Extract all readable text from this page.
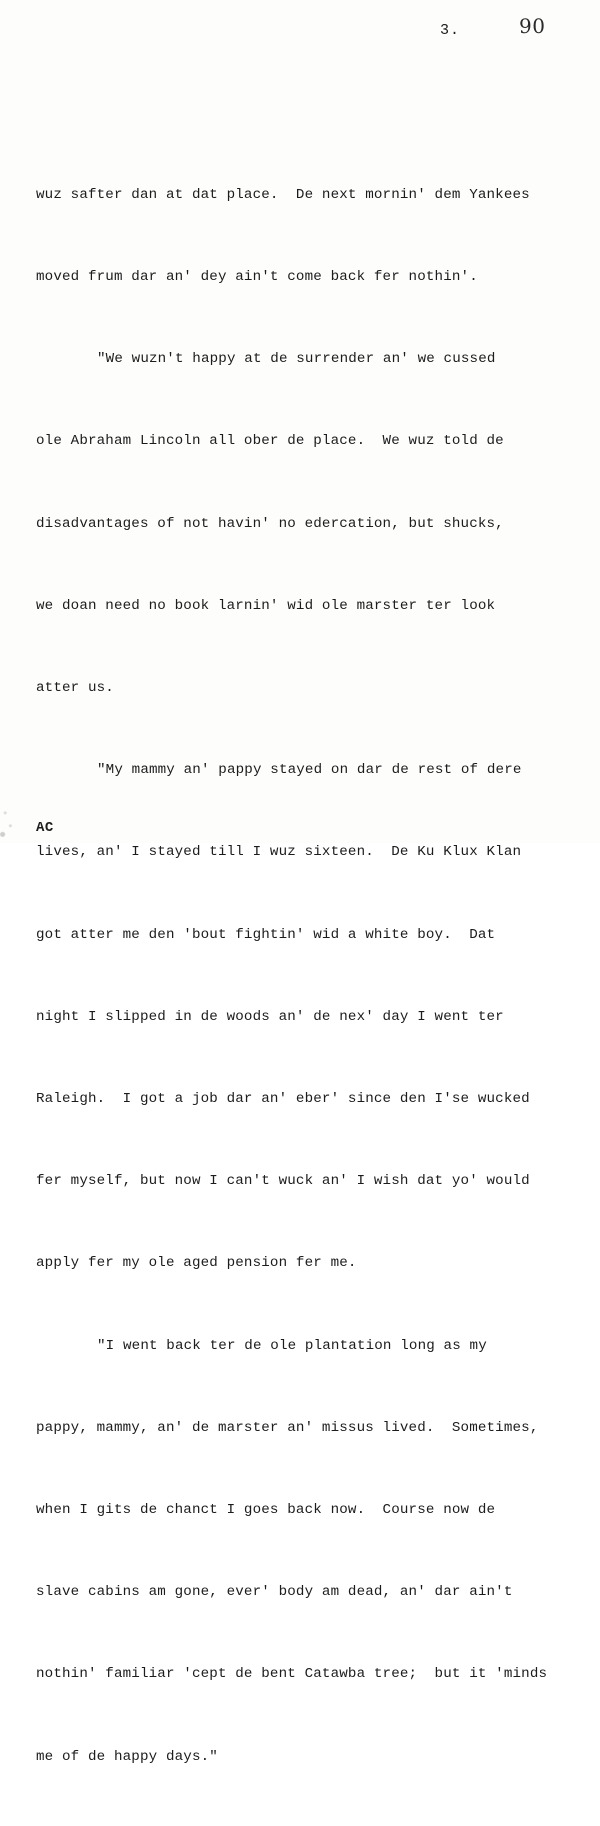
3.	90

wuz safter dan at dat place.  De next mornin' dem Yankees

moved frum dar an' dey ain't come back fer nothin'.

"We wuzn't happy at de surrender an' we cussed

ole Abraham Lincoln all ober de place.  We wuz told de

disadvantages of not havin' no edercation, but shucks,

we doan need no book larnin' wid ole marster ter look

atter us.

"My mammy an' pappy stayed on dar de rest of dere

lives, an' I stayed till I wuz sixteen.  De Ku Klux Klan

got atter me den 'bout fightin' wid a white boy.  Dat

night I slipped in de woods an' de nex' day I went ter

Raleigh.  I got a job dar an' eber' since den I'se wucked

fer myself, but now I can't wuck an' I wish dat yo' would

apply fer my ole aged pension fer me.

"I went back ter de ole plantation long as my

pappy, mammy, an' de marster an' missus lived.  Sometimes,

when I gits de chanct I goes back now.  Course now de

slave cabins am gone, ever' body am dead, an' dar ain't

nothin' familiar 'cept de bent Catawba tree;  but it 'minds

me of de happy days."

AC
